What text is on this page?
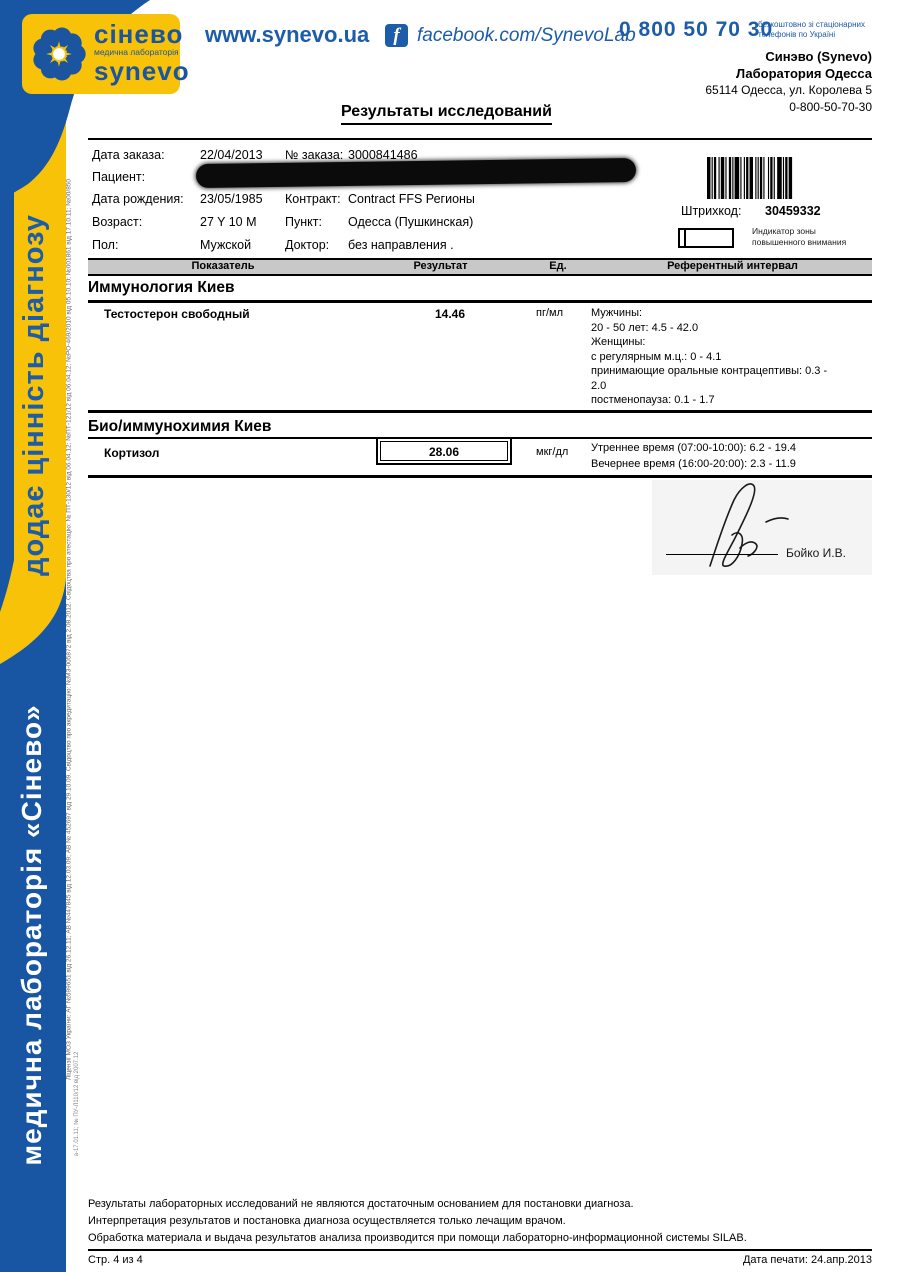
додає цінність діагнозу
медична лабораторія «Сінево»	Ліцензії МОЗ України: АГ №599651 від 26.12.11; АВ №447845 від 12.03.09; АВ № 452697 від 29.10.09. Свідоцтво про акредитацію: №МЗ-005872 від 2.08.2012. Свідоцтва про атестацію: № ПТ-130/12 від 06.04.12; №ПТ-121/12 від 06.04.12; №РО-469/2010 від 05.10.10; №001861 від 17.10.11; №00/850
а-17.01.11; № ПУ-Л110/12 від 2007.12
сінево
медична лабораторія
synevo
www.synevo.ua	f facebook.com/SynevoLab
0 800 50 70 30
безкоштовно зі стаціонарних
телефонів по Україні
Синэво (Synevo)
Лаборатория Одесса
65114 Одесса, ул. Королева 5
0-800-50-70-30
Результаты исследований
Дата заказа:	22/04/2013 № заказа: 3000841486
Пациент:
Дата рождения: 23/05/1985 Контракт: Contract FFS Регионы
Возраст:	27 Y 10 M Пункт: Одесса (Пушкинская)
Пол:	Мужской	Доктор: без направления .
Штрихкод: 30459332
Индикатор зоны
повышенного внимания
Показатель	Результат	Ед.	Референтный интервал
Иммунология Киев
Тестостерон свободный	14.46	пг/мл	Мужчины:
20 - 50 лет: 4.5 - 42.0
Женщины:
с регулярным м.ц.: 0 - 4.1
принимающие оральные контрацептивы: 0.3 -
2.0
постменопауза: 0.1 - 1.7
Био/иммунохимия Киев
Кортизол	28.06	мкг/дл Утреннее время (07:00-10:00): 6.2 - 19.4
Вечернее время (16:00-20:00): 2.3 - 11.9
Бойко И.В.
Результаты лабораторных исследований не являются достаточным основанием для постановки диагноза.
Интерпретация результатов и постановка диагноза осуществляется только лечащим врачом.
Обработка материала и выдача результатов анализа производится при помощи лабораторно-информационной системы SILAB.
Стр. 4 из 4	Дата печати: 24.апр.2013
